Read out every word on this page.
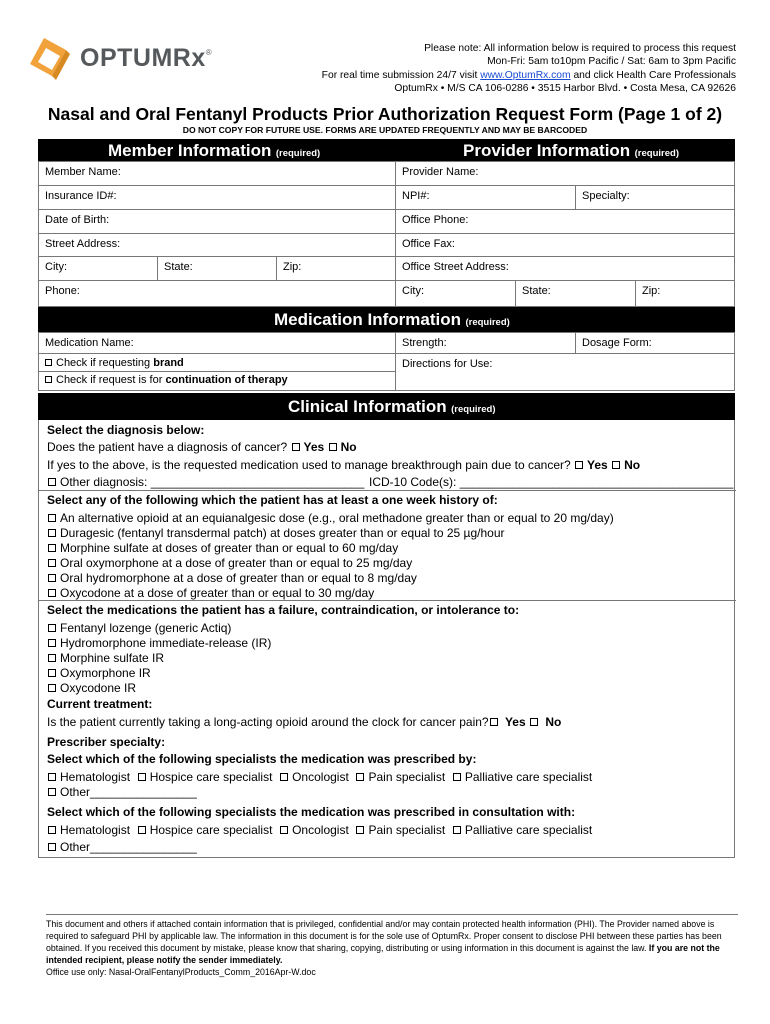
OPTUMRx®	Please note: All information below is required to process this request
Mon-Fri: 5am to10pm Pacific / Sat: 6am to 3pm Pacific
For real time submission 24/7 visit www.OptumRx.com and click Health Care Professionals
OptumRx • M/S CA 106-0286 • 3515 Harbor Blvd. • Costa Mesa, CA 92626
Nasal and Oral Fentanyl Products Prior Authorization Request Form (Page 1 of 2)
DO NOT COPY FOR FUTURE USE. FORMS ARE UPDATED FREQUENTLY AND MAY BE BARCODED
Member Information (required)	Provider Information (required)
Member Name:
Insurance ID#:
Date of Birth:
Street Address:
City:	State:	Zip:
Phone:
Provider Name:
NPI#:	Specialty:
Office Phone:
Office Fax:
Office Street Address:
City:	State:	Zip:
Medication Information (required)
Medication Name:	Strength:	Dosage Form:
Check if requesting brand
Check if request is for continuation of therapy
Directions for Use:
Clinical Information (required)
Select the diagnosis below:
Does the patient have a diagnosis of cancer? Yes No
If yes to the above, is the requested medication used to manage breakthrough pain due to cancer? Yes No
Other diagnosis: ________________________________ ICD-10 Code(s): _________________________________________
Select any of the following which the patient has at least a one week history of:
An alternative opioid at an equianalgesic dose (e.g., oral methadone greater than or equal to 20 mg/day)
Duragesic (fentanyl transdermal patch) at doses greater than or equal to 25 µg/hour
Morphine sulfate at doses of greater than or equal to 60 mg/day
Oral oxymorphone at a dose of greater than or equal to 25 mg/day
Oral hydromorphone at a dose of greater than or equal to 8 mg/day
Oxycodone at a dose of greater than or equal to 30 mg/day
Select the medications the patient has a failure, contraindication, or intolerance to:
Fentanyl lozenge (generic Actiq)
Hydromorphone immediate-release (IR)
Morphine sulfate IR
Oxymorphone IR
Oxycodone IR
Current treatment:
Is the patient currently taking a long-acting opioid around the clock for cancer pain? Yes No
Prescriber specialty:
Select which of the following specialists the medication was prescribed by:
Hematologist Hospice care specialist Oncologist Pain specialist Palliative care specialist
Other________________
Select which of the following specialists the medication was prescribed in consultation with:
Hematologist Hospice care specialist Oncologist Pain specialist Palliative care specialist
Other________________
This document and others if attached contain information that is privileged, confidential and/or may contain protected health information (PHI). The Provider named above is required to safeguard PHI by applicable law. The information in this document is for the sole use of OptumRx. Proper consent to disclose PHI between these parties has been obtained. If you received this document by mistake, please know that sharing, copying, distributing or using information in this document is against the law. If you are not the intended recipient, please notify the sender immediately.
Office use only: Nasal-OralFentanylProducts_Comm_2016Apr-W.doc
